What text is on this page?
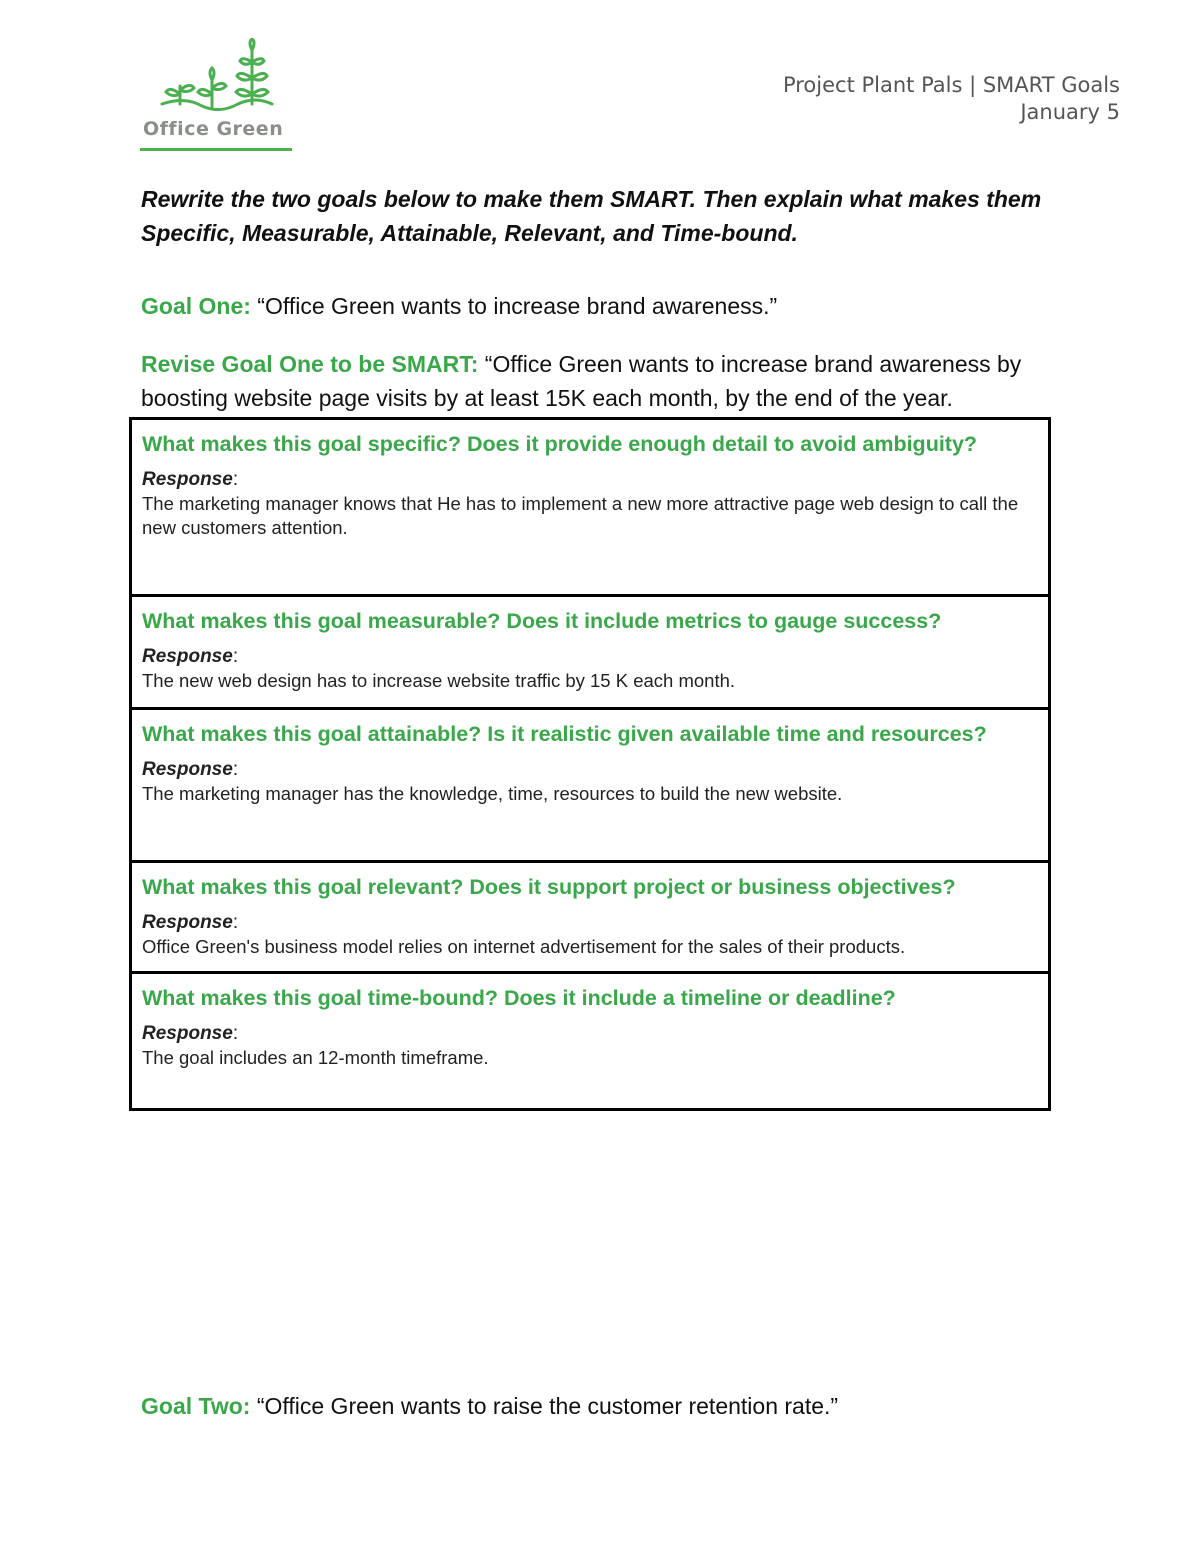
Office Green
Project Plant Pals | SMART Goals
January 5
Rewrite the two goals below to make them SMART. Then explain what makes them Specific, Measurable, Attainable, Relevant, and Time-bound.
Goal One: “Office Green wants to increase brand awareness.”
Revise Goal One to be SMART: “Office Green wants to increase brand awareness by boosting website page visits by at least 15K each month, by the end of the year.
What makes this goal specific? Does it provide enough detail to avoid ambiguity?
Response:
The marketing manager knows that He has to implement a new more attractive page web design to call the new customers attention.
What makes this goal measurable? Does it include metrics to gauge success?
Response:
The new web design has to increase website traffic by 15 K each month.
What makes this goal attainable? Is it realistic given available time and resources?
Response:
The marketing manager has the knowledge, time, resources to build the new website.
What makes this goal relevant? Does it support project or business objectives?
Response:
Office Green's business model relies on internet advertisement for the sales of their products.
What makes this goal time-bound? Does it include a timeline or deadline?
Response:
The goal includes an 12-month timeframe.
Goal Two: “Office Green wants to raise the customer retention rate.”
